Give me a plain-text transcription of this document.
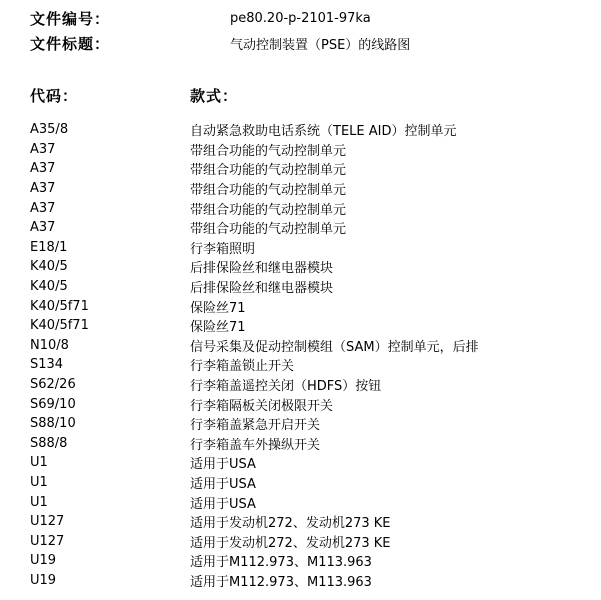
文件编号：	pe80.20-p-2101-97ka
文件标题：	气动控制装置（PSE）的线路图
代码：	款式：
A35/8	自动紧急救助电话系统（TELE AID）控制单元
A37	带组合功能的气动控制单元
A37	带组合功能的气动控制单元
A37	带组合功能的气动控制单元
A37	带组合功能的气动控制单元
A37	带组合功能的气动控制单元
E18/1	行李箱照明
K40/5	后排保险丝和继电器模块
K40/5	后排保险丝和继电器模块
K40/5f71	保险丝71
K40/5f71	保险丝71
N10/8	信号采集及促动控制模组（SAM）控制单元，后排
S134	行李箱盖锁止开关
S62/26	行李箱盖遥控关闭（HDFS）按钮
S69/10	行李箱隔板关闭极限开关
S88/10	行李箱盖紧急开启开关
S88/8	行李箱盖车外操纵开关
U1	适用于USA
U1	适用于USA
U1	适用于USA
U127	适用于发动机272、发动机273 KE
U127	适用于发动机272、发动机273 KE
U19	适用于M112.973、M113.963
U19	适用于M112.973、M113.963
